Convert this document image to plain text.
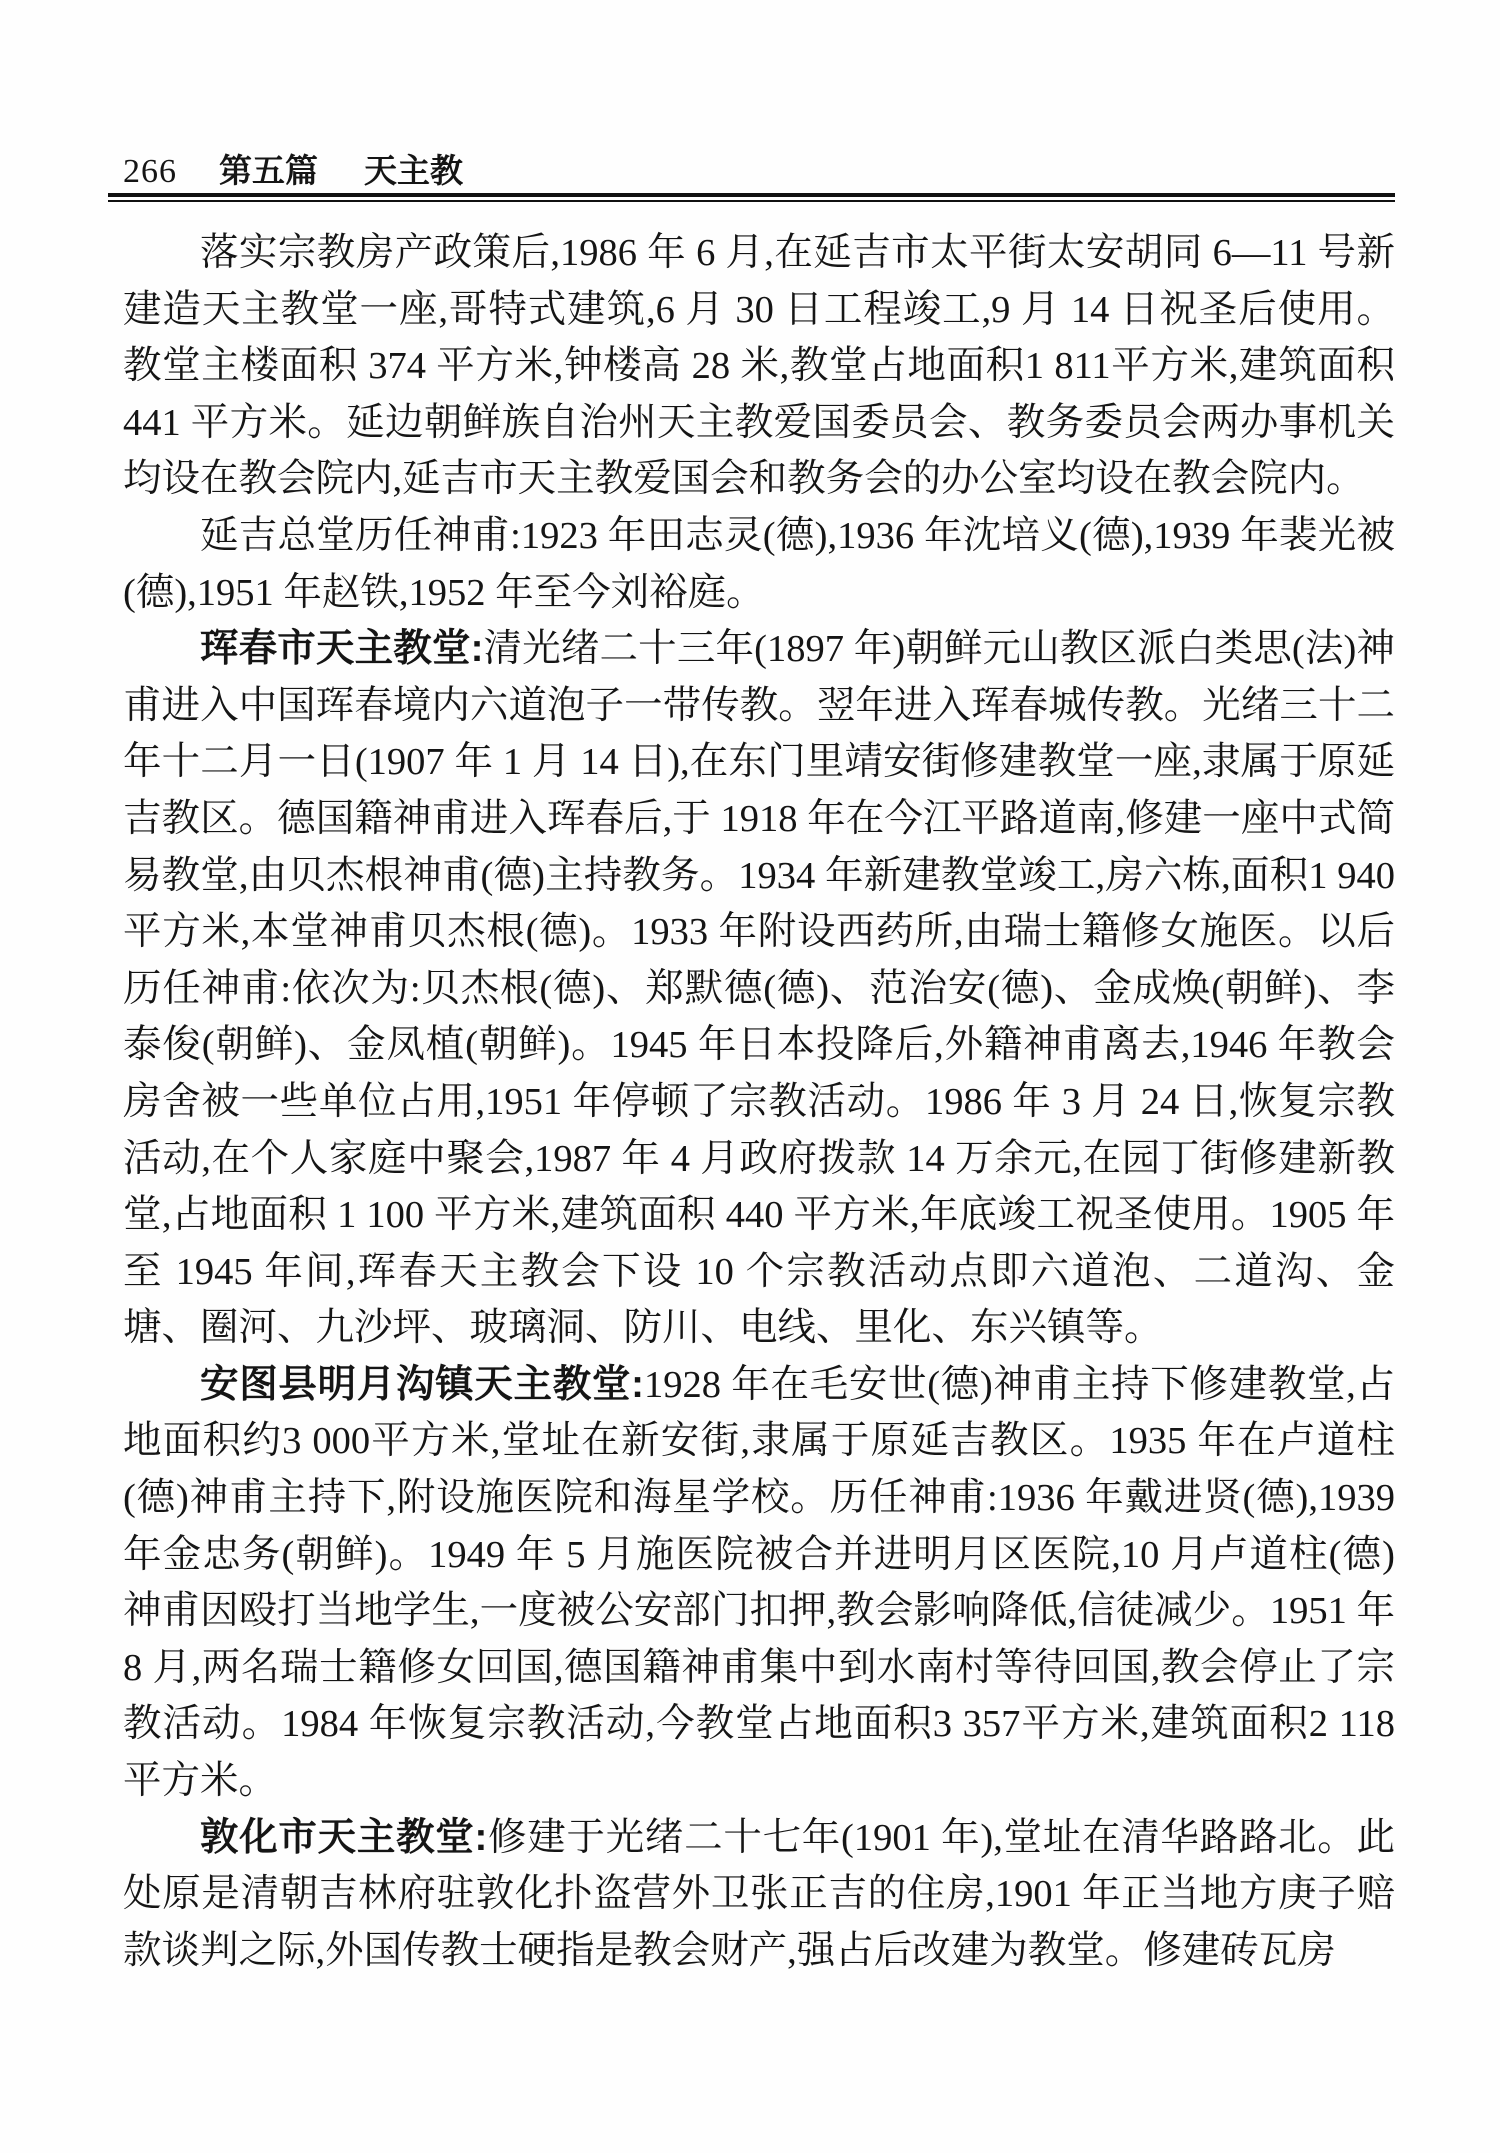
266 第五篇 天主教

落实宗教房产政策后,1986 年 6 月,在延吉市太平街太安胡同 6—11 号新建造天主教堂一座,哥特式建筑,6 月 30 日工程竣工,9 月 14 日祝圣后使用。教堂主楼面积 374 平方米,钟楼高 28 米,教堂占地面积1 811平方米,建筑面积 441 平方米。延边朝鲜族自治州天主教爱国委员会、教务委员会两办事机关均设在教会院内,延吉市天主教爱国会和教务会的办公室均设在教会院内。

延吉总堂历任神甫:1923 年田志灵(德),1936 年沈培义(德),1939 年裴光被(德),1951 年赵铁,1952 年至今刘裕庭。

珲春市天主教堂:清光绪二十三年(1897 年)朝鲜元山教区派白类思(法)神甫进入中国珲春境内六道泡子一带传教。翌年进入珲春城传教。光绪三十二年十二月一日(1907 年 1 月 14 日),在东门里靖安街修建教堂一座,隶属于原延吉教区。德国籍神甫进入珲春后,于 1918 年在今江平路道南,修建一座中式简易教堂,由贝杰根神甫(德)主持教务。1934 年新建教堂竣工,房六栋,面积1 940平方米,本堂神甫贝杰根(德)。1933 年附设西药所,由瑞士籍修女施医。以后历任神甫:依次为:贝杰根(德)、郑默德(德)、范治安(德)、金成焕(朝鲜)、李泰俊(朝鲜)、金凤植(朝鲜)。1945 年日本投降后,外籍神甫离去,1946 年教会房舍被一些单位占用,1951 年停顿了宗教活动。1986 年 3 月 24 日,恢复宗教活动,在个人家庭中聚会,1987 年 4 月政府拨款 14 万余元,在园丁街修建新教堂,占地面积 1 100 平方米,建筑面积 440 平方米,年底竣工祝圣使用。1905 年至 1945 年间,珲春天主教会下设 10 个宗教活动点即六道泡、二道沟、金塘、圈河、九沙坪、玻璃洞、防川、电线、里化、东兴镇等。

安图县明月沟镇天主教堂:1928 年在毛安世(德)神甫主持下修建教堂,占地面积约3 000平方米,堂址在新安街,隶属于原延吉教区。1935 年在卢道柱(德)神甫主持下,附设施医院和海星学校。历任神甫:1936 年戴进贤(德),1939 年金忠务(朝鲜)。1949 年 5 月施医院被合并进明月区医院,10 月卢道柱(德)神甫因殴打当地学生,一度被公安部门扣押,教会影响降低,信徒减少。1951 年 8 月,两名瑞士籍修女回国,德国籍神甫集中到水南村等待回国,教会停止了宗教活动。1984 年恢复宗教活动,今教堂占地面积3 357平方米,建筑面积2 118平方米。

敦化市天主教堂:修建于光绪二十七年(1901 年),堂址在清华路路北。此处原是清朝吉林府驻敦化扑盗营外卫张正吉的住房,1901 年正当地方庚子赔款谈判之际,外国传教士硬指是教会财产,强占后改建为教堂。修建砖瓦房
